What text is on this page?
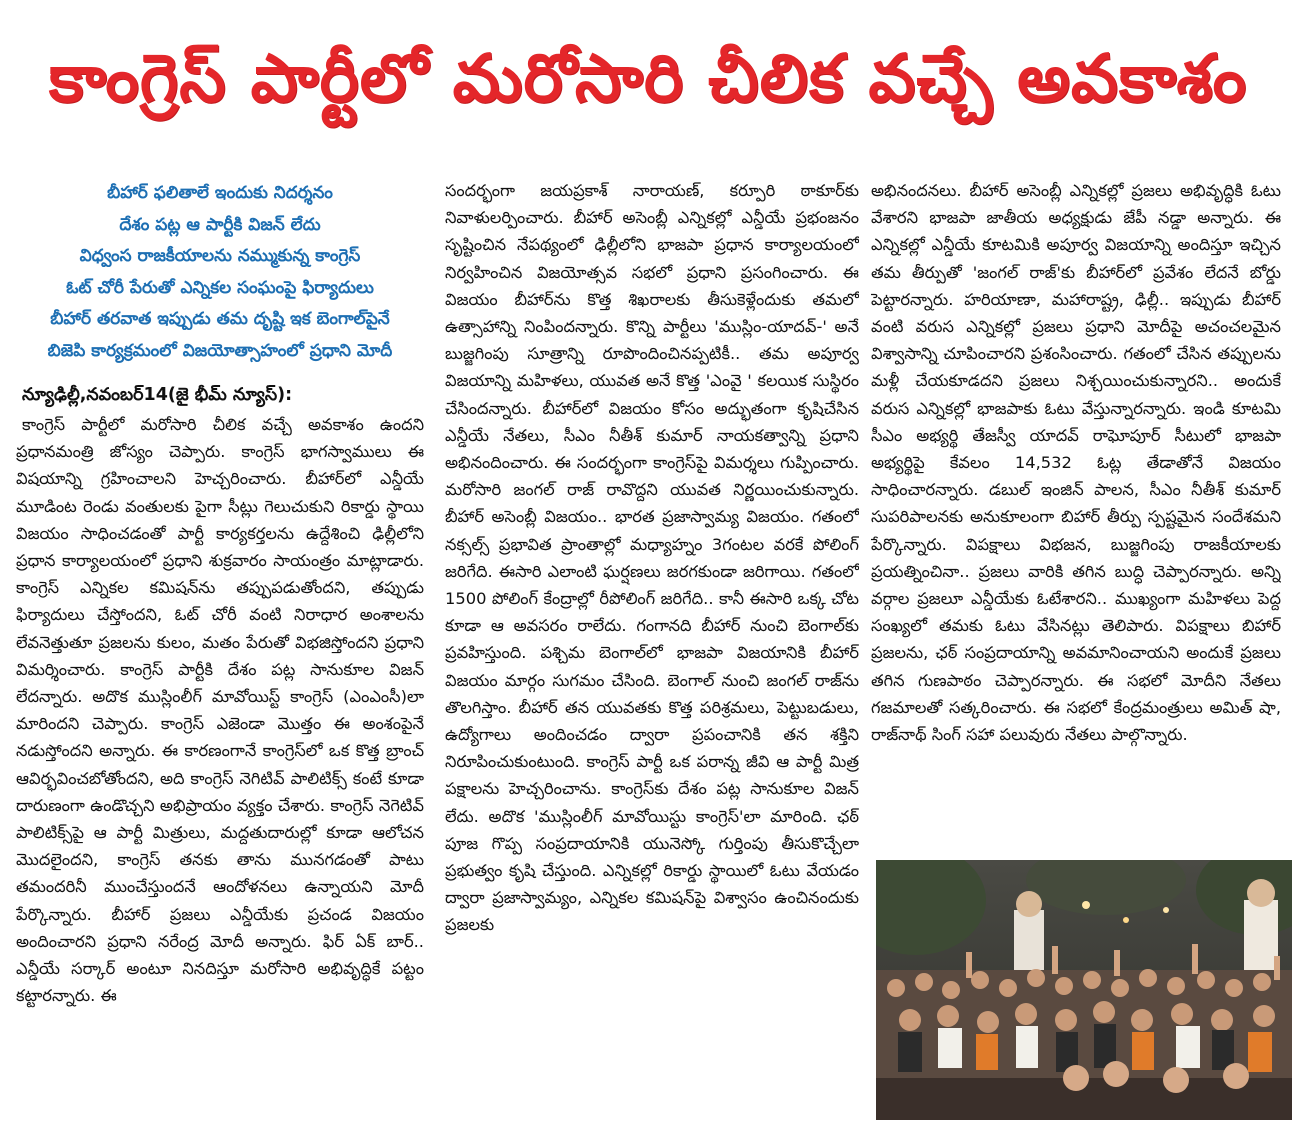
కాంగ్రెస్ పార్టీలో మరోసారి చీలిక వచ్చే అవకాశం
బీహార్ ఫలితాలే ఇందుకు నిదర్శనం
దేశం పట్ల ఆ పార్టీకి విజన్ లేదు
విధ్వంస రాజకీయాలను నమ్ముకున్న కాంగ్రెస్
ఓట్ చోరీ పేరుతో ఎన్నికల సంఘంపై ఫిర్యాదులు
బీహార్ తరవాత ఇప్పుడు తమ దృష్టి ఇక బెంగాల్‌పైనే
బిజెపి కార్యక్రమంలో విజయోత్సాహంలో ప్రధాని మోదీ
న్యూఢిల్లీ,నవంబర్14(జై భీమ్ న్యూస్):

కాంగ్రెస్ పార్టీలో మరోసారి చీలిక వచ్చే అవకాశం ఉందని ప్రధానమంత్రి జోస్యం చెప్పారు. కాంగ్రెస్ భాగస్వాములు ఈ విషయాన్ని గ్రహించాలని హెచ్చరించారు. బీహార్‌లో ఎన్డీయే మూడింట రెండు వంతులకు పైగా సీట్లు గెలుచుకుని రికార్డు స్థాయి విజయం సాధించడంతో పార్టీ కార్యకర్తలను ఉద్దేశించి ఢిల్లీలోని ప్రధాన కార్యాలయంలో ప్రధాని శుక్రవారం సాయంత్రం మాట్లాడారు. కాంగ్రెస్ ఎన్నికల కమిషన్‌ను తప్పుపడుతోందని, తప్పుడు ఫిర్యాదులు చేస్తోందని, ఓట్ చోరీ వంటి నిరాధార అంశాలను లేవనెత్తుతూ ప్రజలను కులం, మతం పేరుతో విభజిస్తోందని ప్రధాని విమర్శించారు. కాంగ్రెస్ పార్టీకి దేశం పట్ల సానుకూల విజన్ లేదన్నారు. అదొక ముస్లింలీగ్ మావోయిస్ట్ కాంగ్రెస్ (ఎంఎంసీ)లా మారిందని చెప్పారు. కాంగ్రెస్ ఎజెండా మొత్తం ఈ అంశంపైనే నడుస్తోందని అన్నారు. ఈ కారణంగానే కాంగ్రెస్‌లో ఒక కొత్త బ్రాంచ్ ఆవిర్భవించబోతోందని, అది కాంగ్రెస్ నెగిటివ్ పాలిటిక్స్ కంటే కూడా దారుణంగా ఉండొచ్చని అభిప్రాయం వ్యక్తం చేశారు. కాంగ్రెస్ నెగెటివ్ పాలిటిక్స్‌పై ఆ పార్టీ మిత్రులు, మద్దతుదారుల్లో కూడా ఆలోచన మొదలైందని, కాంగ్రెస్ తనకు తాను మునగడంతో పాటు తమందరినీ ముంచేస్తుందనే ఆందోళనలు ఉన్నాయని మోదీ పేర్కొన్నారు. బీహార్ ప్రజలు ఎన్డీయేకు ప్రచండ విజయం అందించారని ప్రధాని నరేంద్ర మోదీ అన్నారు. ఫిర్ ఏక్ బార్.. ఎన్డీయే సర్కార్ అంటూ నినదిస్తూ మరోసారి అభివృద్ధికే పట్టం కట్టారన్నారు. ఈ

సందర్భంగా జయప్రకాశ్ నారాయణ్, కర్పూరి ఠాకూర్‌కు నివాళులర్పించారు. బీహార్ అసెంబ్లీ ఎన్నికల్లో ఎన్డీయే ప్రభంజనం సృష్టించిన నేపథ్యంలో ఢిల్లీలోని భాజపా ప్రధాన కార్యాలయంలో నిర్వహించిన విజయోత్సవ సభలో ప్రధాని ప్రసంగించారు. ఈ విజయం బీహార్‌ను కొత్త శిఖరాలకు తీసుకెళ్లేందుకు తమలో ఉత్సాహాన్ని నింపిందన్నారు. కొన్ని పార్టీలు 'ముస్లిం-యాదవ్-' అనే బుజ్జగింపు సూత్రాన్ని రూపొందించినప్పటికీ.. తమ అపూర్వ విజయాన్ని మహిళలు, యువత అనే కొత్త 'ఎంవై ' కలయిక సుస్థిరం చేసిందన్నారు. బీహార్‌లో విజయం కోసం అద్భుతంగా కృషిచేసిన ఎన్డీయే నేతలు, సీఎం నీతీశ్ కుమార్ నాయకత్వాన్ని ప్రధాని అభినందించారు. ఈ సందర్భంగా కాంగ్రెస్‌పై విమర్శలు గుప్పించారు. మరోసారి జంగల్ రాజ్ రావొద్దని యువత నిర్ణయించుకున్నారు. బీహార్ అసెంబ్లీ విజయం.. భారత ప్రజాస్వామ్య విజయం. గతంలో నక్సల్స్ ప్రభావిత ప్రాంతాల్లో మధ్యాహ్నం 3గంటల వరకే పోలింగ్ జరిగేది. ఈసారి ఎలాంటి ఘర్షణలు జరగకుండా జరిగాయి. గతంలో 1500 పోలింగ్ కేంద్రాల్లో రీపోలింగ్ జరిగేది.. కానీ ఈసారి ఒక్క చోట కూడా ఆ అవసరం రాలేదు. గంగానది బీహార్ నుంచి బెంగాల్‌కు ప్రవహిస్తుంది. పశ్చిమ బెంగాల్‌లో భాజపా విజయానికి బీహార్ విజయం మార్గం సుగమం చేసింది. బెంగాల్ నుంచి జంగల్ రాజ్‌ను తొలగిస్తాం. బీహార్ తన యువతకు కొత్త పరిశ్రమలు, పెట్టుబడులు, ఉద్యోగాలు అందించడం ద్వారా ప్రపంచానికి తన శక్తిని నిరూపించుకుంటుంది. కాంగ్రెస్ పార్టీ ఒక పరాన్న జీవి ఆ పార్టీ మిత్ర పక్షాలను హెచ్చరించాను. కాంగ్రెస్‌కు దేశం పట్ల సానుకూల విజన్ లేదు. అదొక 'ముస్లింలీగ్ మావోయిస్టు కాంగ్రెస్'లా మారింది. ఛఠ్ పూజ గొప్ప సంప్రదాయానికి యునెస్కో గుర్తింపు తీసుకొచ్చేలా ప్రభుత్వం కృషి చేస్తుంది. ఎన్నికల్లో రికార్డు స్థాయిలో ఓటు వేయడం ద్వారా ప్రజాస్వామ్యం, ఎన్నికల కమిషన్‌పై విశ్వాసం ఉంచినందుకు ప్రజలకు

అభినందనలు. బీహార్ అసెంబ్లీ ఎన్నికల్లో ప్రజలు అభివృద్ధికి ఓటు వేశారని భాజపా జాతీయ అధ్యక్షుడు జేపీ నడ్డా అన్నారు. ఈ ఎన్నికల్లో ఎన్డీయే కూటమికి అపూర్వ విజయాన్ని అందిస్తూ ఇచ్చిన తమ తీర్పుతో 'జంగల్ రాజ్'కు బీహార్‌లో ప్రవేశం లేదనే బోర్డు పెట్టారన్నారు. హరియాణా, మహారాష్ట్ర, ఢిల్లీ.. ఇప్పుడు బీహార్ వంటి వరుస ఎన్నికల్లో ప్రజలు ప్రధాని మోదీపై అచంచలమైన విశ్వాసాన్ని చూపించారని ప్రశంసించారు. గతంలో చేసిన తప్పులను మళ్లీ చేయకూడదని ప్రజలు నిశ్చయించుకున్నారని.. అందుకే వరుస ఎన్నికల్లో భాజపాకు ఓటు వేస్తున్నారన్నారు. ఇండి కూటమి సీఎం అభ్యర్థి తేజస్వీ యాదవ్ రాఘోపూర్ సీటులో భాజపా అభ్యర్థిపై కేవలం 14,532 ఓట్ల తేడాతోనే విజయం సాధించారన్నారు. డబుల్ ఇంజిన్ పాలన, సీఎం నీతీశ్ కుమార్ సుపరిపాలనకు అనుకూలంగా బిహార్ తీర్పు స్పష్టమైన సందేశమని పేర్కొన్నారు. విపక్షాలు విభజన, బుజ్జగింపు రాజకీయాలకు ప్రయత్నించినా.. ప్రజలు వారికి తగిన బుద్ధి చెప్పారన్నారు. అన్ని వర్గాల ప్రజలూ ఎన్డీయేకు ఓటేశారని.. ముఖ్యంగా మహిళలు పెద్ద సంఖ్యలో తమకు ఓటు వేసినట్లు తెలిపారు. విపక్షాలు బిహార్ ప్రజలను, ఛఠ్ సంప్రదాయాన్ని అవమానించాయని అందుకే ప్రజలు తగిన గుణపాఠం చెప్పారన్నారు. ఈ సభలో మోదీని నేతలు గజమాలతో సత్కరించారు. ఈ సభలో కేంద్రమంత్రులు అమిత్ షా, రాజ్‌నాథ్ సింగ్ సహా పలువురు నేతలు పాల్గొన్నారు.
